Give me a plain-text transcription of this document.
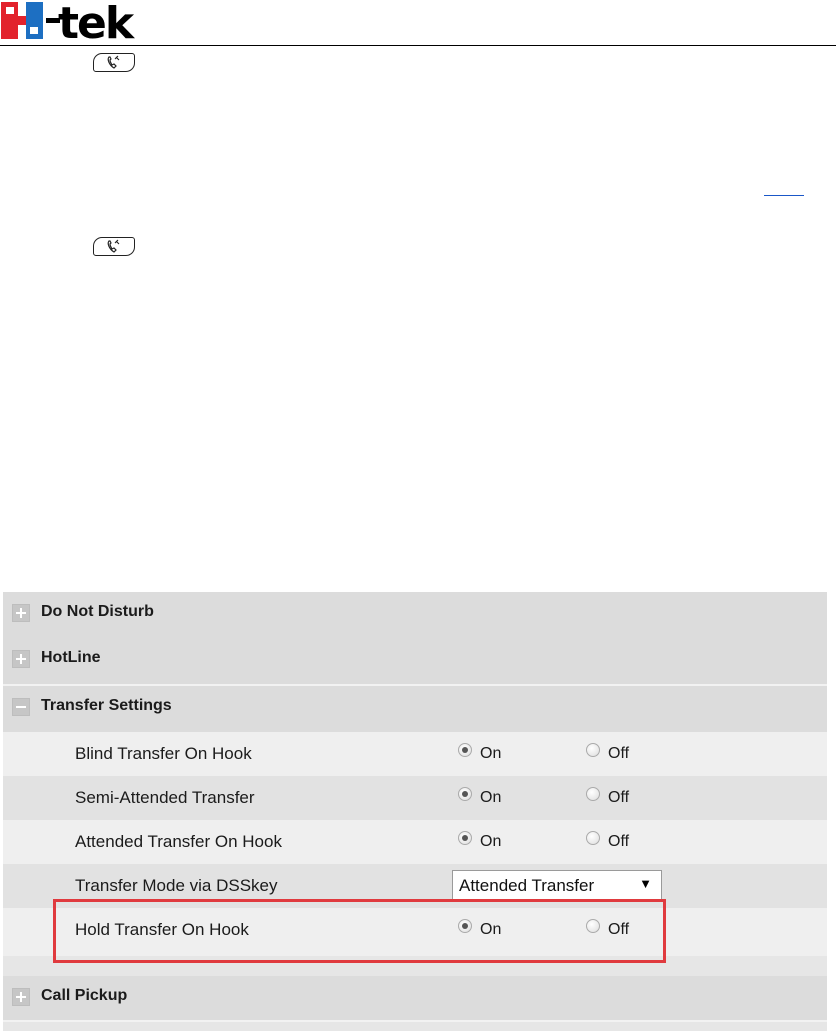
tek
Do Not Disturb
HotLine
Transfer Settings
Blind Transfer On Hook	On	Off
Semi-Attended Transfer	On	Off
Attended Transfer On Hook	On	Off
Transfer Mode via DSSkey	Attended Transfer	▼
Hold Transfer On Hook	On	Off
Call Pickup
